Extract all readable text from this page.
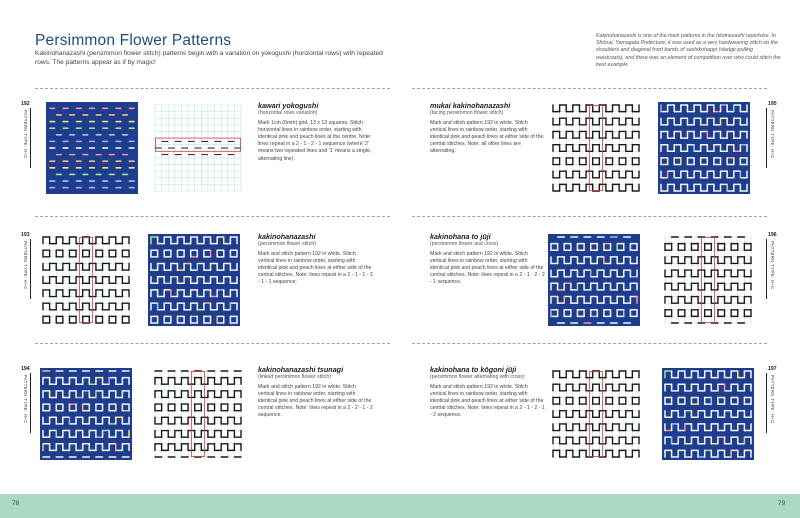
Persimmon Flower Patterns
Kakinohanazashi (persimmon flower stitch) patterns begin with a variation on yokogushi (horizontal rows) with repeated rows. The patterns appear as if by magic!
192
PATTERN TYPE: H+C
kawari yokogushi
(horizontal rows variation)
Mark 1cm (6mm) grid, 13 x 13 squares. Stitch horizontal lines in rainbow order, starting with identical pink and peach lines at the centre. Note: lines repeat in a 2 - 1 - 2 - 1 sequence (where '2' means two repeated lines and '1' means a single, alternating line).
193
PATTERN TYPE: H+C
kakinohanazashi
(persimmon flower stitch)
Mark and stitch pattern 192 in white. Stitch vertical lines in rainbow order, starting with identical pink and peach lines at either side of the central stitches. Note: lines repeat in a 2 - 1 - 1 - 2 - 1 - 1 sequence.
194
PATTERN TYPE: H+C
kakinohanazashi tsunagi
(linked persimmon flower stitch)
Mark and stitch pattern 192 in white. Stitch vertical lines in rainbow order, starting with identical pink and peach lines at either side of the central stitches. Note: lines repeat in a 2 - 2 - 1 - 2 sequence.
Kakinohanazashi is one of the main patterns in the hitomezashi repertoire. In Shōnai, Yamagata Prefecture, it was used as a very hardwearing stitch on the shoulders and diagonal front bands of sashikohappi (sledge-pulling waistcoats), and there was an element of competition over who could stitch the best example.
mukai kakinohanazashi
(facing persimmon flower stitch)
Mark and stitch pattern 192 in white. Stitch vertical lines in rainbow order, starting with identical pink and peach lines at either side of the central stitches. Note: all other lines are alternating.
195
PATTERN TYPE: H+C
kakinohana to jūji
(persimmon flower and cross)
Mark and stitch pattern 192 in white. Stitch vertical lines in rainbow order, starting with identical pink and peach lines at either side of the central stitches. Note: lines repeat in a 2 - 1 - 2 - 2 - 1 sequence.
196
PATTERN TYPE: H+C
kakinohana to kōgoni jūji
(persimmon flower alternating with cross)
Mark and stitch pattern 192 in white. Stitch vertical lines in rainbow order, starting with identical pink and peach lines at either side of the central stitches. Note: lines repeat in a 2 - 1 - 2 - 1 - 2 sequence.
197
PATTERN TYPE: H+C
78	79
